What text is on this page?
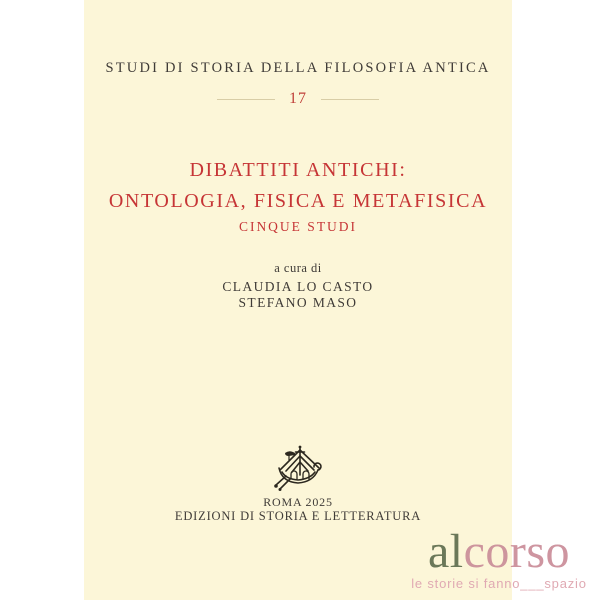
STUDI DI STORIA DELLA FILOSOFIA ANTICA
17
DIBATTITI ANTICHI:
ONTOLOGIA, FISICA E METAFISICA
CINQUE STUDI
a cura di
CLAUDIA LO CASTO
STEFANO MASO
ROMA 2025
EDIZIONI DI STORIA E LETTERATURA
alcorso
le storie si fanno___spazio
